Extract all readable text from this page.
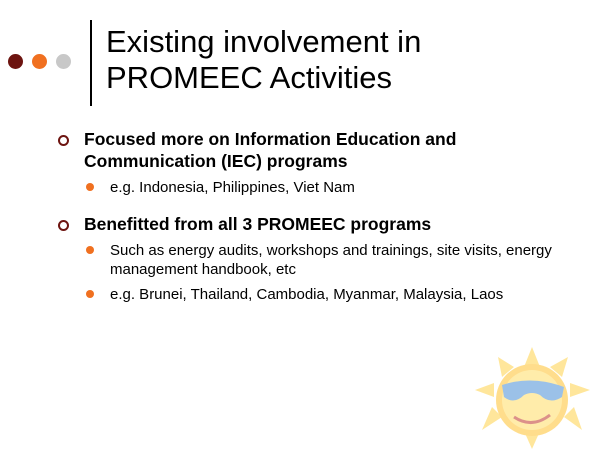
Existing involvement in
PROMEEC Activities
Focused more on Information Education and Communication (IEC) programs
e.g. Indonesia, Philippines, Viet Nam
Benefitted from all 3 PROMEEC programs
Such as energy audits, workshops and trainings, site visits, energy management handbook, etc
e.g. Brunei, Thailand, Cambodia, Myanmar, Malaysia, Laos
